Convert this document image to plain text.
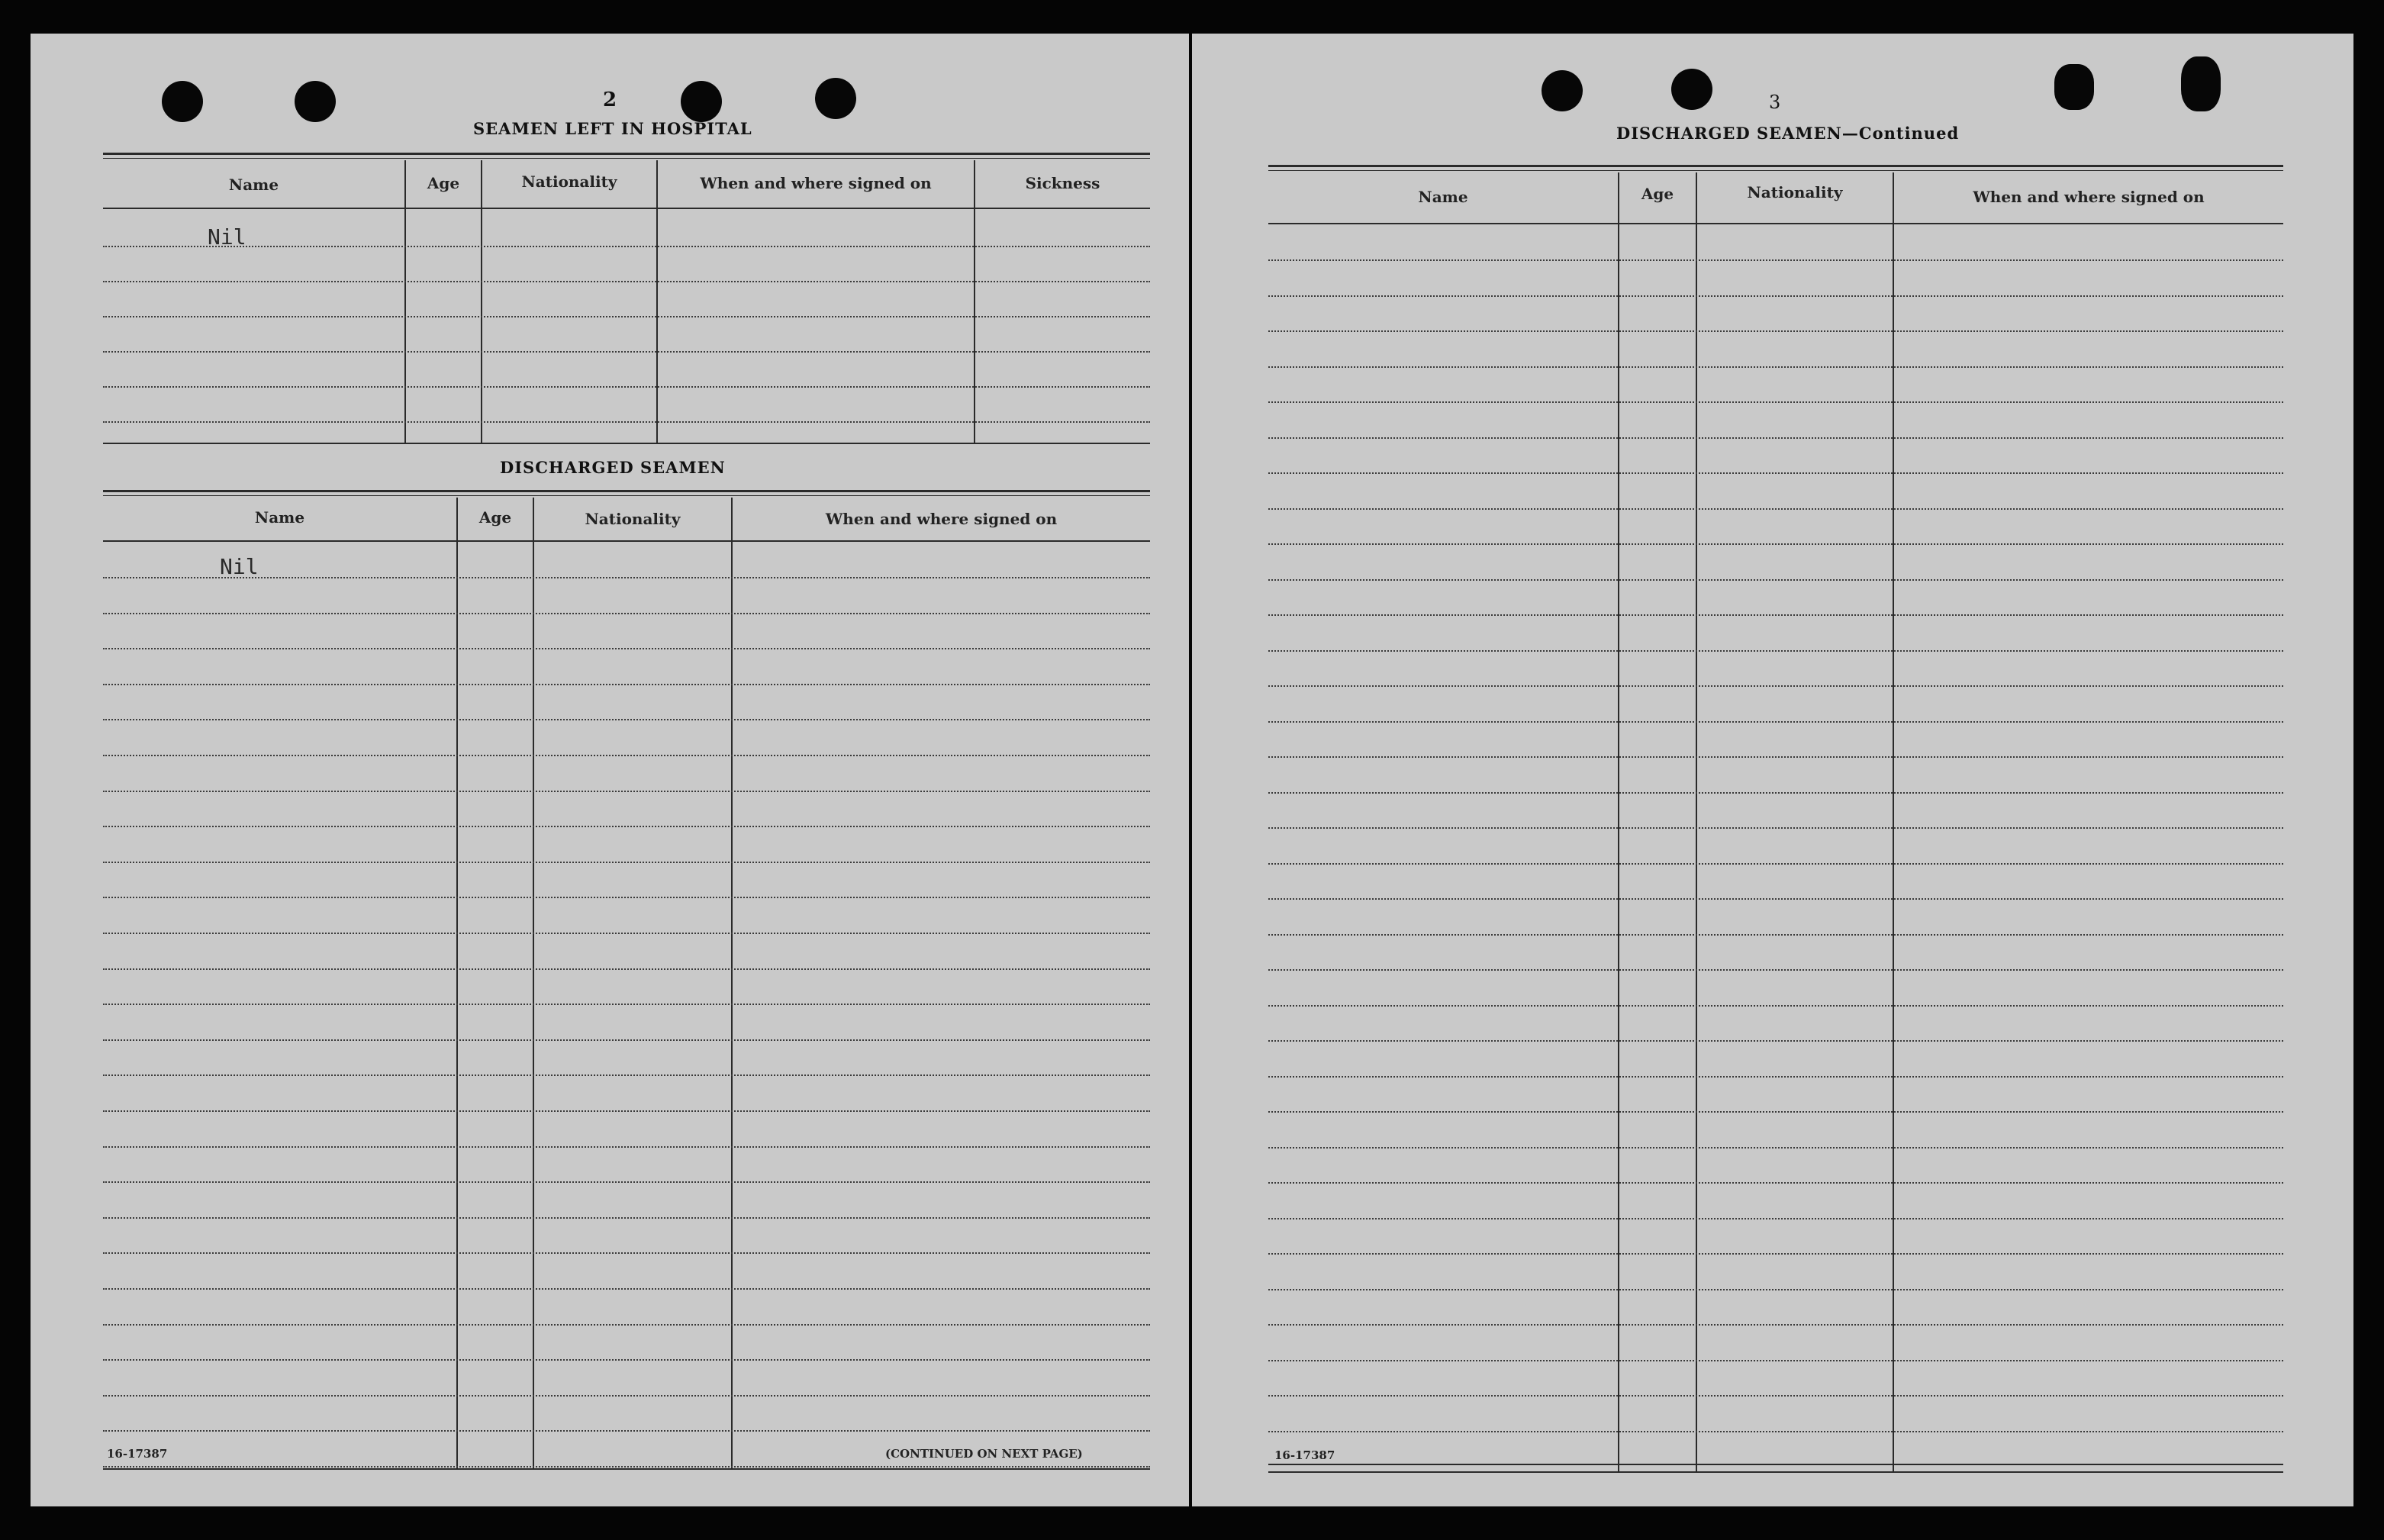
2
SEAMEN LEFT IN HOSPITAL
Name	Age	Nationality	When and where signed on	Sickness
Nil
DISCHARGED SEAMEN
Name	Age	Nationality	When and where signed on
Nil
16-17387	(CONTINUED ON NEXT PAGE)
3
DISCHARGED SEAMEN—Continued
Name	Age	Nationality	When and where signed on
16-17387
